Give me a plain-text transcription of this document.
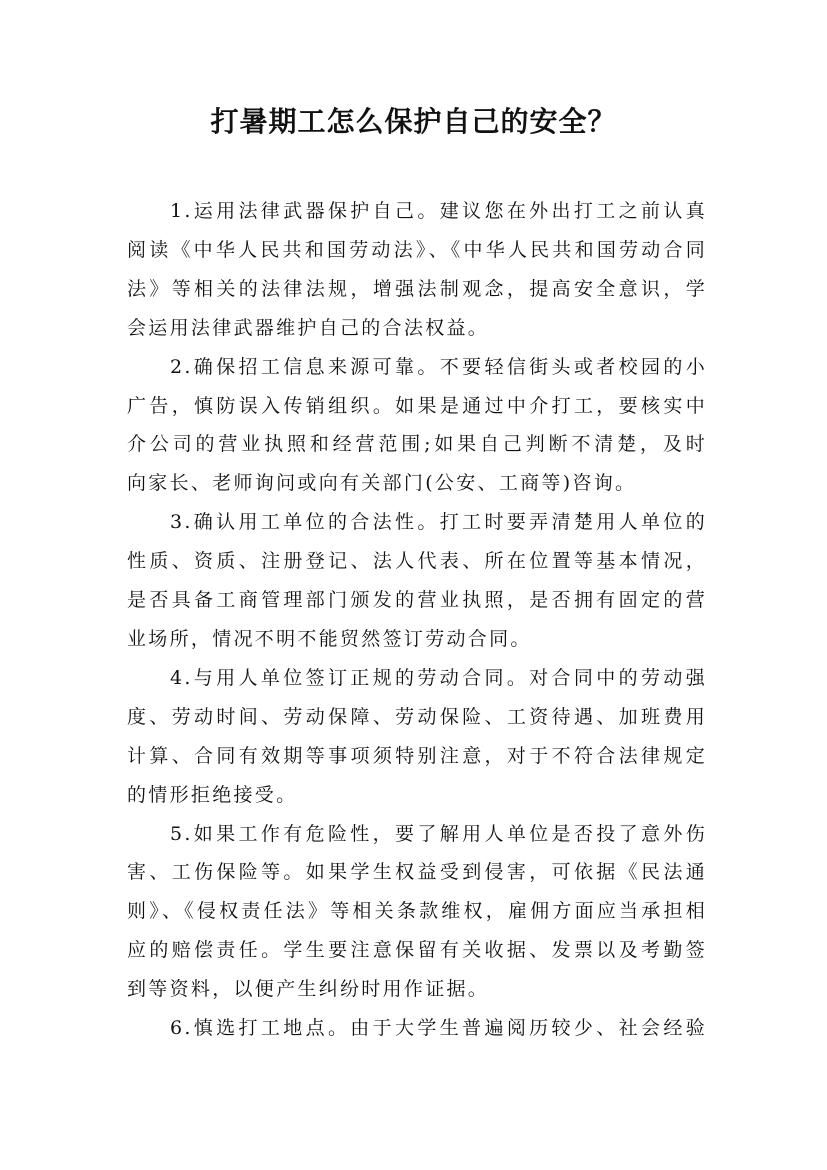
打暑期工怎么保护自己的安全？
1.运用法律武器保护自己。建议您在外出打工之前认真
阅读《中华人民共和国劳动法》、《中华人民共和国劳动合同
法》等相关的法律法规，增强法制观念，提高安全意识，学
会运用法律武器维护自己的合法权益。
2.确保招工信息来源可靠。不要轻信街头或者校园的小
广告，慎防误入传销组织。如果是通过中介打工，要核实中
介公司的营业执照和经营范围;如果自己判断不清楚，及时
向家长、老师询问或向有关部门(公安、工商等)咨询。
3.确认用工单位的合法性。打工时要弄清楚用人单位的
性质、资质、注册登记、法人代表、所在位置等基本情况，
是否具备工商管理部门颁发的营业执照，是否拥有固定的营
业场所，情况不明不能贸然签订劳动合同。
4.与用人单位签订正规的劳动合同。对合同中的劳动强
度、劳动时间、劳动保障、劳动保险、工资待遇、加班费用
计算、合同有效期等事项须特别注意，对于不符合法律规定
的情形拒绝接受。
5.如果工作有危险性，要了解用人单位是否投了意外伤
害、工伤保险等。如果学生权益受到侵害，可依据《民法通
则》、《侵权责任法》等相关条款维权，雇佣方面应当承担相
应的赔偿责任。学生要注意保留有关收据、发票以及考勤签
到等资料，以便产生纠纷时用作证据。
6.慎选打工地点。由于大学生普遍阅历较少、社会经验
